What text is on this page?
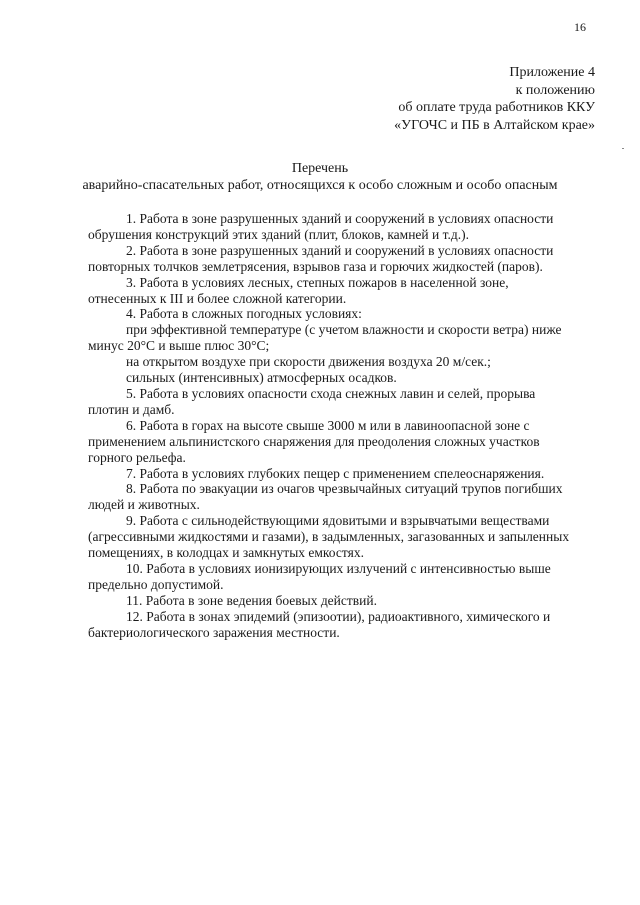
16
Приложение 4
к положению
об оплате труда работников ККУ
«УГОЧС и ПБ в Алтайском крае»
Перечень
аварийно-спасательных работ, относящихся к особо сложным и особо опасным

1. Работа в зоне разрушенных зданий и сооружений в условиях опасности

обрушения конструкций этих зданий (плит, блоков, камней и т.д.).

2. Работа в зоне разрушенных зданий и сооружений в условиях опасности

повторных толчков землетрясения, взрывов газа и горючих жидкостей (паров).

3. Работа в условиях лесных, степных пожаров в населенной зоне,

отнесенных к III и более сложной категории.

4. Работа в сложных погодных условиях:

при эффективной температуре (с учетом влажности и скорости ветра) ниже

минус 20°С и выше плюс 30°С;

на открытом воздухе при скорости движения воздуха 20 м/сек.;

сильных (интенсивных) атмосферных осадков.

5. Работа в условиях опасности схода снежных лавин и селей, прорыва

плотин и дамб.

6. Работа в горах на высоте свыше 3000 м или в лавиноопасной зоне с

применением альпинистского снаряжения для преодоления сложных участков

горного рельефа.

7. Работа в условиях глубоких пещер с применением спелеоснаряжения.

8. Работа по эвакуации из очагов чрезвычайных ситуаций трупов погибших

людей и животных.

9. Работа с сильнодействующими ядовитыми и взрывчатыми веществами

(агрессивными жидкостями и газами), в задымленных, загазованных и запыленных

помещениях, в колодцах и замкнутых емкостях.

10. Работа в условиях ионизирующих излучений с интенсивностью выше

предельно допустимой.

11. Работа в зоне ведения боевых действий.

12. Работа в зонах эпидемий (эпизоотии), радиоактивного, химического и

бактериологического заражения местности.
